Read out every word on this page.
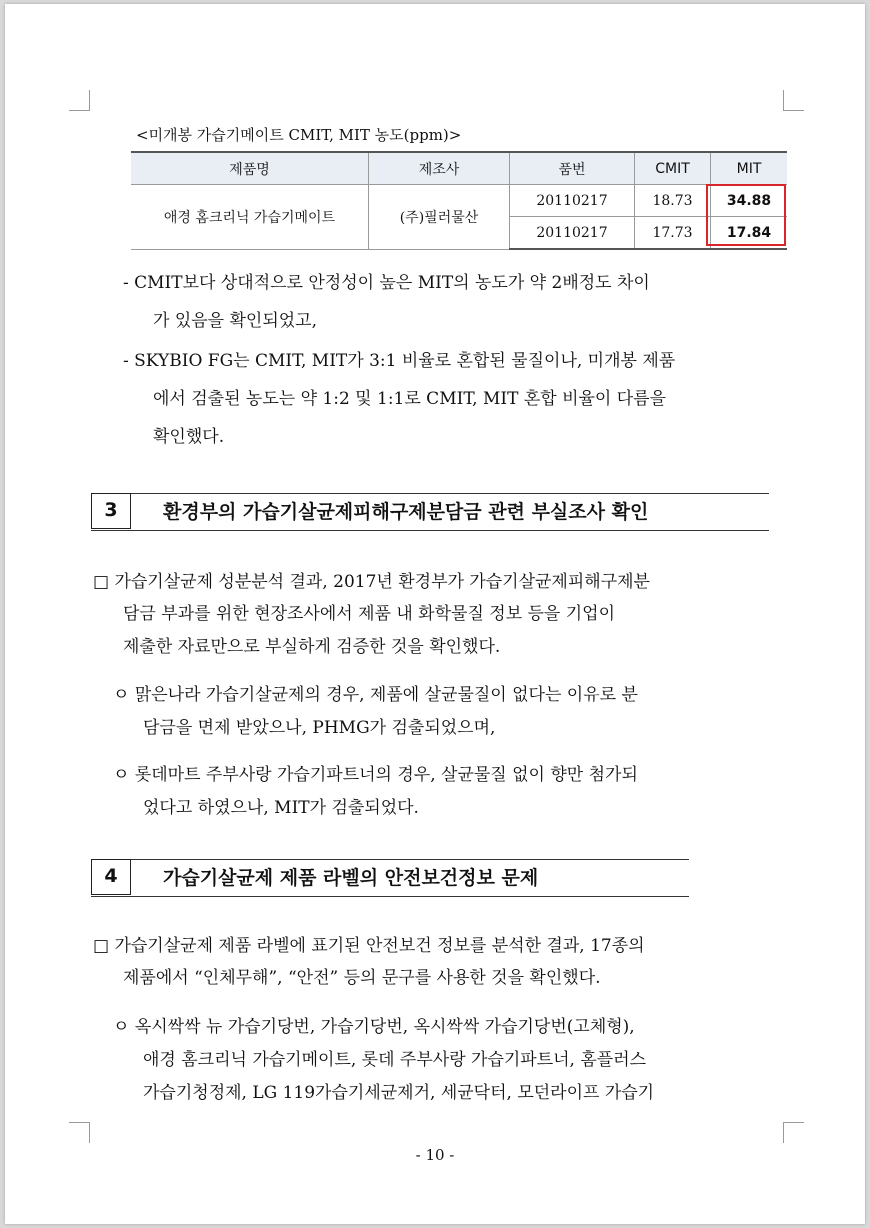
<미개봉 가습기메이트 CMIT, MIT 농도(ppm)>
제품명	제조사	품번	CMIT	MIT
애경 홈크리닉 가습기메이트	(주)필러물산	20110217	18.73	34.88
		20110217	17.73	17.84
- CMIT보다 상대적으로 안정성이 높은 MIT의 농도가 약 2배정도 차이
가 있음을 확인되었고,
- SKYBIO FG는 CMIT, MIT가 3:1 비율로 혼합된 물질이나, 미개봉 제품
에서 검출된 농도는 약 1:2 및 1:1로 CMIT, MIT 혼합 비율이 다름을
확인했다.
3	환경부의 가습기살균제피해구제분담금 관련 부실조사 확인
□ 가습기살균제 성분분석 결과, 2017년 환경부가 가습기살균제피해구제분
담금 부과를 위한 현장조사에서 제품 내 화학물질 정보 등을 기업이
제출한 자료만으로 부실하게 검증한 것을 확인했다.
ㅇ 맑은나라 가습기살균제의 경우, 제품에 살균물질이 없다는 이유로 분
담금을 면제 받았으나, PHMG가 검출되었으며,
ㅇ 롯데마트 주부사랑 가습기파트너의 경우, 살균물질 없이 향만 첨가되
었다고 하였으나, MIT가 검출되었다.
4	가습기살균제 제품 라벨의 안전보건정보 문제
□ 가습기살균제 제품 라벨에 표기된 안전보건 정보를 분석한 결과, 17종의
제품에서 “인체무해”, “안전” 등의 문구를 사용한 것을 확인했다.
ㅇ 옥시싹싹 뉴 가습기당번, 가습기당번, 옥시싹싹 가습기당번(고체형),
애경 홈크리닉 가습기메이트, 롯데 주부사랑 가습기파트너, 홈플러스
가습기청정제, LG 119가습기세균제거, 세균닥터, 모던라이프 가습기
- 10 -
